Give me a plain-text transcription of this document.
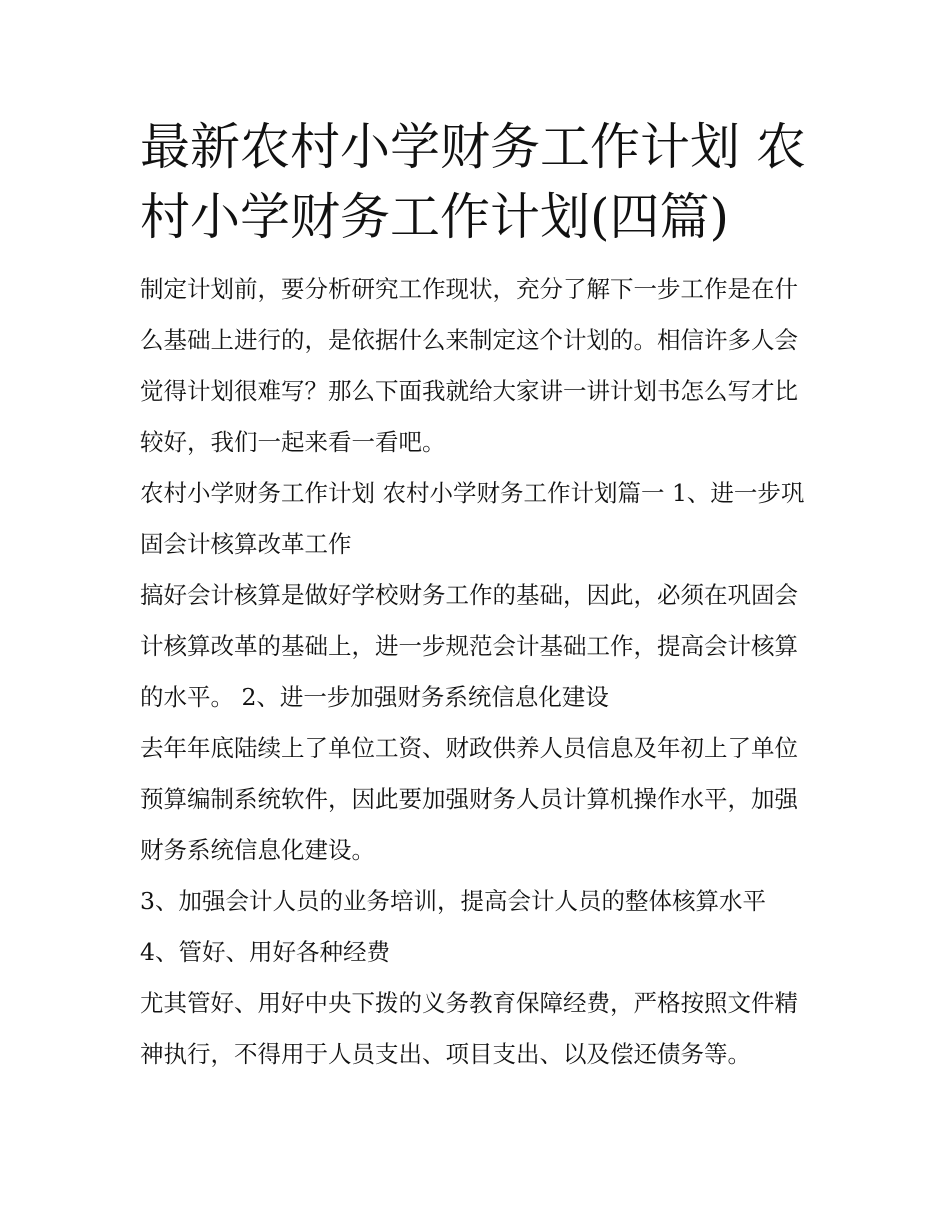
最新农村小学财务工作计划 农村小学财务工作计划(四篇)

制定计划前，要分析研究工作现状，充分了解下一步工作是在什么基础上进行的，是依据什么来制定这个计划的。相信许多人会觉得计划很难写？那么下面我就给大家讲一讲计划书怎么写才比较好，我们一起来看一看吧。

农村小学财务工作计划 农村小学财务工作计划篇一 1、进一步巩固会计核算改革工作

搞好会计核算是做好学校财务工作的基础，因此，必须在巩固会计核算改革的基础上，进一步规范会计基础工作，提高会计核算的水平。 2、进一步加强财务系统信息化建设

去年年底陆续上了单位工资、财政供养人员信息及年初上了单位预算编制系统软件，因此要加强财务人员计算机操作水平，加强财务系统信息化建设。

3、加强会计人员的业务培训，提高会计人员的整体核算水平

4、管好、用好各种经费

尤其管好、用好中央下拨的义务教育保障经费，严格按照文件精神执行，不得用于人员支出、项目支出、以及偿还债务等。
